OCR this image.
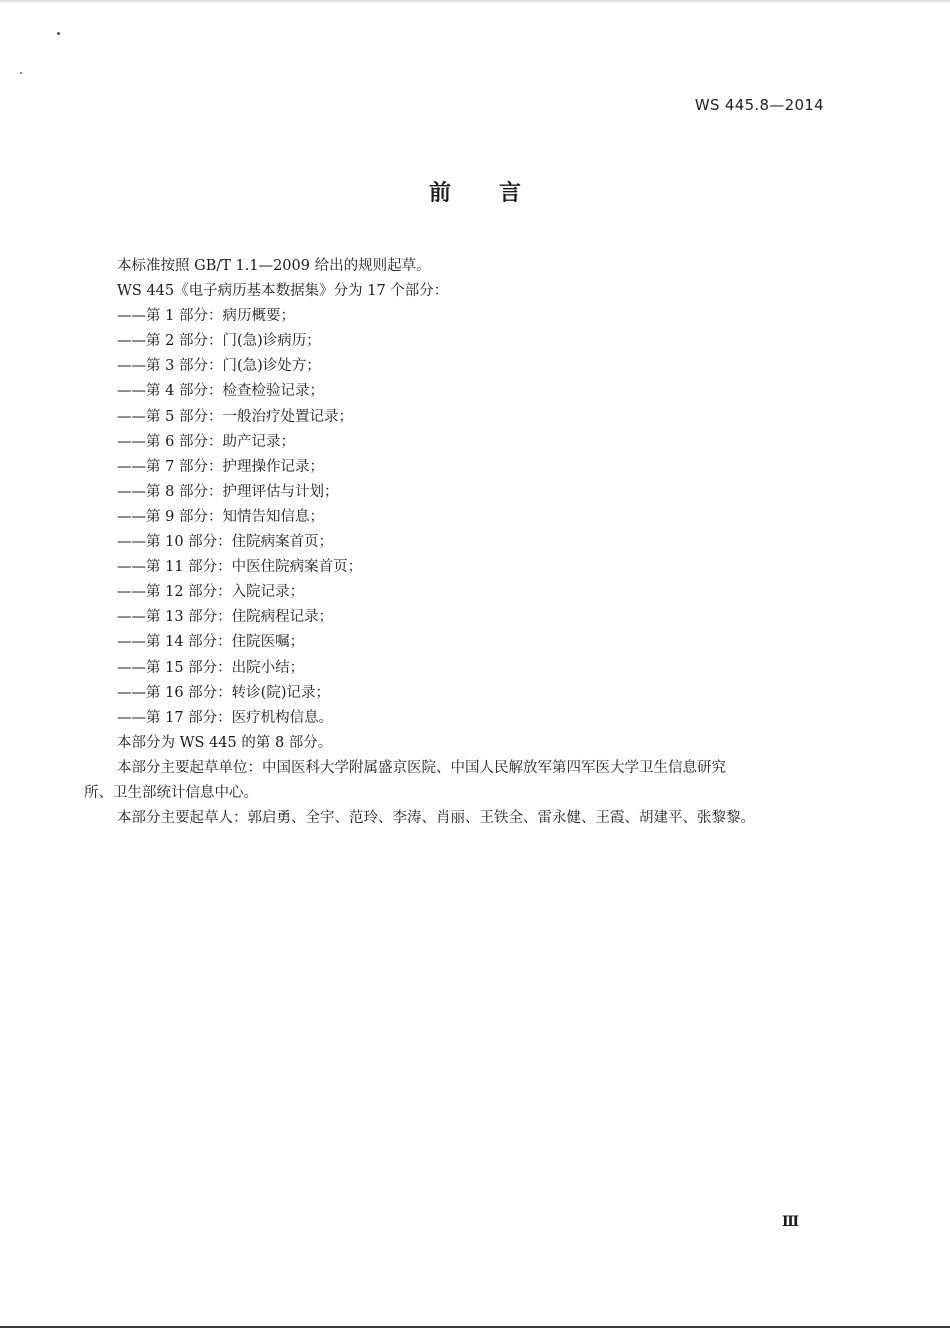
WS 445.8—2014
前言
本标准按照 GB/T 1.1—2009 给出的规则起草。
WS 445《电子病历基本数据集》分为 17 个部分：
——第 1 部分：病历概要；
——第 2 部分：门(急)诊病历；
——第 3 部分：门(急)诊处方；
——第 4 部分：检查检验记录；
——第 5 部分：一般治疗处置记录；
——第 6 部分：助产记录；
——第 7 部分：护理操作记录；
——第 8 部分：护理评估与计划；
——第 9 部分：知情告知信息；
——第 10 部分：住院病案首页；
——第 11 部分：中医住院病案首页；
——第 12 部分：入院记录；
——第 13 部分：住院病程记录；
——第 14 部分：住院医嘱；
——第 15 部分：出院小结；
——第 16 部分：转诊(院)记录；
——第 17 部分：医疗机构信息。
本部分为 WS 445 的第 8 部分。
本部分主要起草单位：中国医科大学附属盛京医院、中国人民解放军第四军医大学卫生信息研究
所、卫生部统计信息中心。
本部分主要起草人：郭启勇、全宇、范玲、李涛、肖丽、王铁全、雷永健、王霞、胡建平、张黎黎。
Ⅲ
